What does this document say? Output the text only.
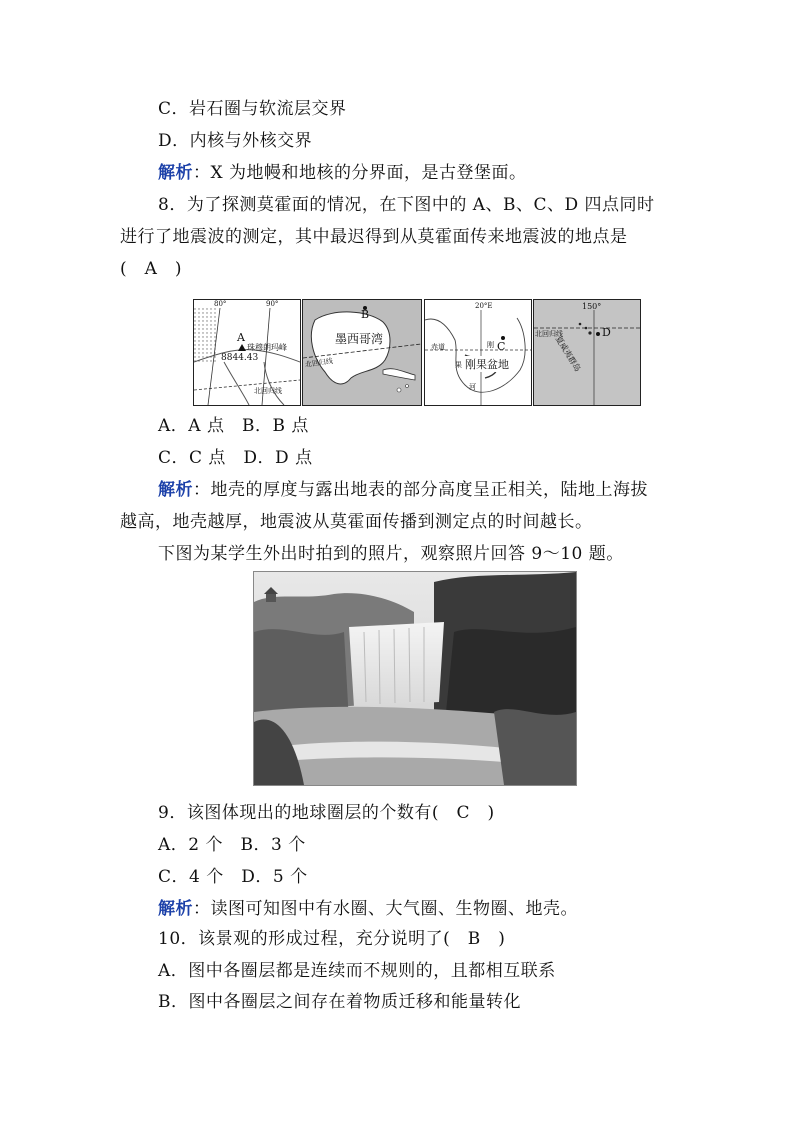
C．岩石圈与软流层交界
D．内核与外核交界
解析：X 为地幔和地核的分界面，是古登堡面。
8．为了探测莫霍面的情况，在下图中的 A、B、C、D 四点同时
进行了地震波的测定，其中最迟得到从莫霍面传来地震波的地点是
(　A　)
80°	90°
A
珠穆朗玛峰
8844.43
北回归线
B
墨西哥湾
北回归线
20°E
C
赤道
刚果盆地
果
刚
河
150°
D
夏威夷群岛
北回归线
A．A 点　B．B 点
C．C 点　D．D 点
解析：地壳的厚度与露出地表的部分高度呈正相关，陆地上海拔
越高，地壳越厚，地震波从莫霍面传播到测定点的时间越长。
下图为某学生外出时拍到的照片，观察照片回答 9～10 题。
9．该图体现出的地球圈层的个数有(　C　)
A．2 个　B．3 个
C．4 个　D．5 个
解析：读图可知图中有水圈、大气圈、生物圈、地壳。
10．该景观的形成过程，充分说明了(　B　)
A．图中各圈层都是连续而不规则的，且都相互联系
B．图中各圈层之间存在着物质迁移和能量转化
